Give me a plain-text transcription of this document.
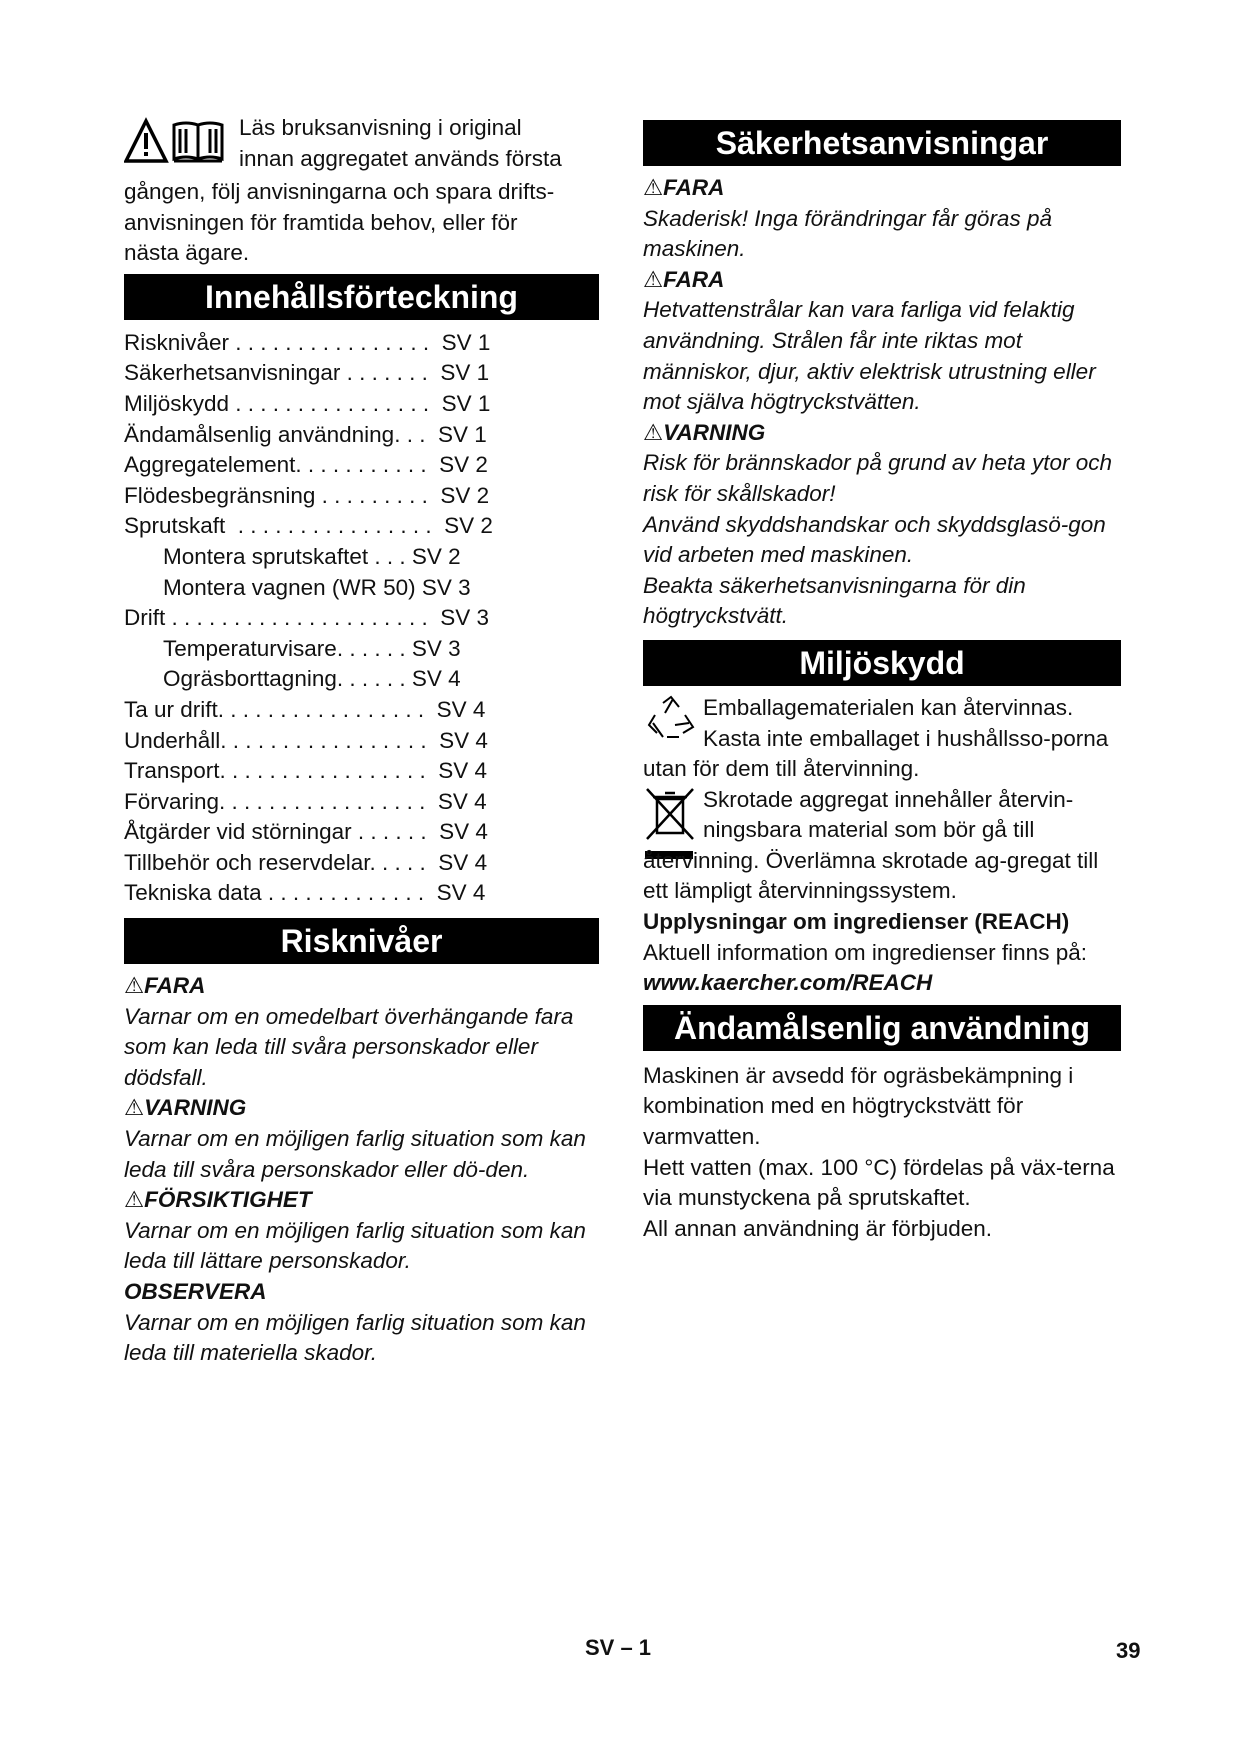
Läs bruksanvisning i original

innan aggregatet används första

gången, följ anvisningarna och spara drifts-

anvisningen för framtida behov, eller för

nästa ägare.

Innehållsförteckning
Risknivåer . . . . . . . . . . . . . . . .  SV 1
Säkerhetsanvisningar . . . . . . .  SV 1
Miljöskydd . . . . . . . . . . . . . . . .  SV 1
Ändamålsenlig användning. . .  SV 1
Aggregatelement. . . . . . . . . . .  SV 2
Flödesbegränsning . . . . . . . . .  SV 2
Sprutskaft  . . . . . . . . . . . . . . . .  SV 2
Montera sprutskaftet . . . SV 2
Montera vagnen (WR 50) SV 3
Drift . . . . . . . . . . . . . . . . . . . . .  SV 3
Temperaturvisare. . . . . . SV 3
Ogräsborttagning. . . . . . SV 4
Ta ur drift. . . . . . . . . . . . . . . . .  SV 4
Underhåll. . . . . . . . . . . . . . . . .  SV 4
Transport. . . . . . . . . . . . . . . . .  SV 4
Förvaring. . . . . . . . . . . . . . . . .  SV 4
Åtgärder vid störningar . . . . . .  SV 4
Tillbehör och reservdelar. . . . .  SV 4
Tekniska data . . . . . . . . . . . . .  SV 4
Risknivåer

⚠FARA

Varnar om en omedelbart överhängande fara som kan leda till svåra personskador eller dödsfall.

⚠VARNING

Varnar om en möjligen farlig situation som kan leda till svåra personskador eller dö-den.

⚠FÖRSIKTIGHET

Varnar om en möjligen farlig situation som kan leda till lättare personskador.

OBSERVERA

Varnar om en möjligen farlig situation som kan leda till materiella skador.

Säkerhetsanvisningar

⚠FARA

Skaderisk! Inga förändringar får göras på maskinen.

⚠FARA

Hetvattenstrålar kan vara farliga vid felaktig användning. Strålen får inte riktas mot människor, djur, aktiv elektrisk utrustning eller mot själva högtryckstvätten.

⚠VARNING

Risk för brännskador på grund av heta ytor och risk för skållskador!

Använd skyddshandskar och skyddsglasö-gon vid arbeten med maskinen.

Beakta säkerhetsanvisningarna för din högtryckstvätt.

Miljöskydd

Emballagematerialen kan återvinnas. Kasta inte emballaget i hushållsso-porna utan för dem till återvinning.

Skrotade aggregat innehåller återvin-ningsbara material som bör gå till återvinning. Överlämna skrotade ag-gregat till ett lämpligt återvinningssystem.

Upplysningar om ingredienser (REACH)

Aktuell information om ingredienser finns på:

www.kaercher.com/REACH

Ändamålsenlig användning

Maskinen är avsedd för ogräsbekämpning i kombination med en högtryckstvätt för varmvatten.

Hett vatten (max. 100 °C) fördelas på väx-terna via munstyckena på sprutskaftet.

All annan användning är förbjuden.

SV – 1	39
